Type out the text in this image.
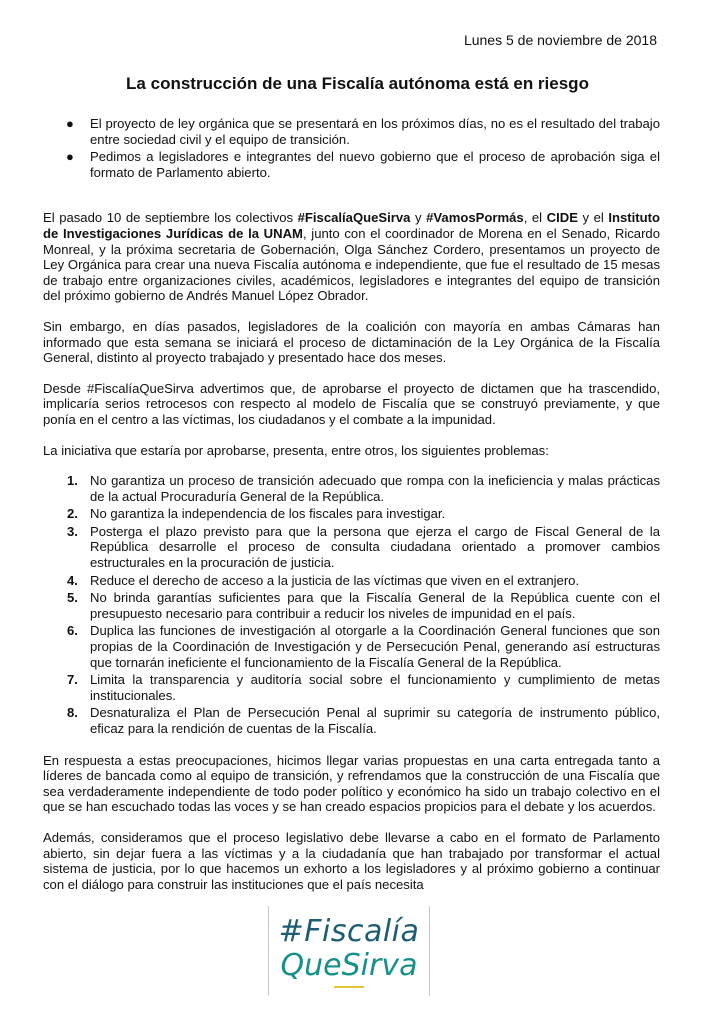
Lunes 5 de noviembre de 2018
La construcción de una Fiscalía autónoma está en riesgo
● El proyecto de ley orgánica que se presentará en los próximos días, no es el resultado del trabajo entre sociedad civil y el equipo de transición.
● Pedimos a legisladores e integrantes del nuevo gobierno que el proceso de aprobación siga el formato de Parlamento abierto.

El pasado 10 de septiembre los colectivos #FiscalíaQueSirva y #VamosPormás, el CIDE y el Instituto de Investigaciones Jurídicas de la UNAM, junto con el coordinador de Morena en el Senado, Ricardo Monreal, y la próxima secretaria de Gobernación, Olga Sánchez Cordero, presentamos un proyecto de Ley Orgánica para crear una nueva Fiscalía autónoma e independiente, que fue el resultado de 15 mesas de trabajo entre organizaciones civiles, académicos, legisladores e integrantes del equipo de transición del próximo gobierno de Andrés Manuel López Obrador.

Sin embargo, en días pasados, legisladores de la coalición con mayoría en ambas Cámaras han informado que esta semana se iniciará el proceso de dictaminación de la Ley Orgánica de la Fiscalía General, distinto al proyecto trabajado y presentado hace dos meses.

Desde #FiscalíaQueSirva advertimos que, de aprobarse el proyecto de dictamen que ha trascendido, implicaría serios retrocesos con respecto al modelo de Fiscalía que se construyó previamente, y que ponía en el centro a las víctimas, los ciudadanos y el combate a la impunidad.

La iniciativa que estaría por aprobarse, presenta, entre otros, los siguientes problemas:

1. No garantiza un proceso de transición adecuado que rompa con la ineficiencia y malas prácticas de la actual Procuraduría General de la República.
2. No garantiza la independencia de los fiscales para investigar.
3. Posterga el plazo previsto para que la persona que ejerza el cargo de Fiscal General de la República desarrolle el proceso de consulta ciudadana orientado a promover cambios estructurales en la procuración de justicia.
4. Reduce el derecho de acceso a la justicia de las víctimas que viven en el extranjero.
5. No brinda garantías suficientes para que la Fiscalía General de la República cuente con el presupuesto necesario para contribuir a reducir los niveles de impunidad en el país.
6. Duplica las funciones de investigación al otorgarle a la Coordinación General funciones que son propias de la Coordinación de Investigación y de Persecución Penal, generando así estructuras que tornarán ineficiente el funcionamiento de la Fiscalía General de la República.
7. Limita la transparencia y auditoría social sobre el funcionamiento y cumplimiento de metas institucionales.
8. Desnaturaliza el Plan de Persecución Penal al suprimir su categoría de instrumento público, eficaz para la rendición de cuentas de la Fiscalía.

En respuesta a estas preocupaciones, hicimos llegar varias propuestas en una carta entregada tanto a líderes de bancada como al equipo de transición, y refrendamos que la construcción de una Fiscalía que sea verdaderamente independiente de todo poder político y económico ha sido un trabajo colectivo en el que se han escuchado todas las voces y se han creado espacios propicios para el debate y los acuerdos.

Además, consideramos que el proceso legislativo debe llevarse a cabo en el formato de Parlamento abierto, sin dejar fuera a las víctimas y a la ciudadanía que han trabajado por transformar el actual sistema de justicia, por lo que hacemos un exhorto a los legisladores y al próximo gobierno a continuar con el diálogo para construir las instituciones que el país necesita

#Fiscalía
QueSirva
